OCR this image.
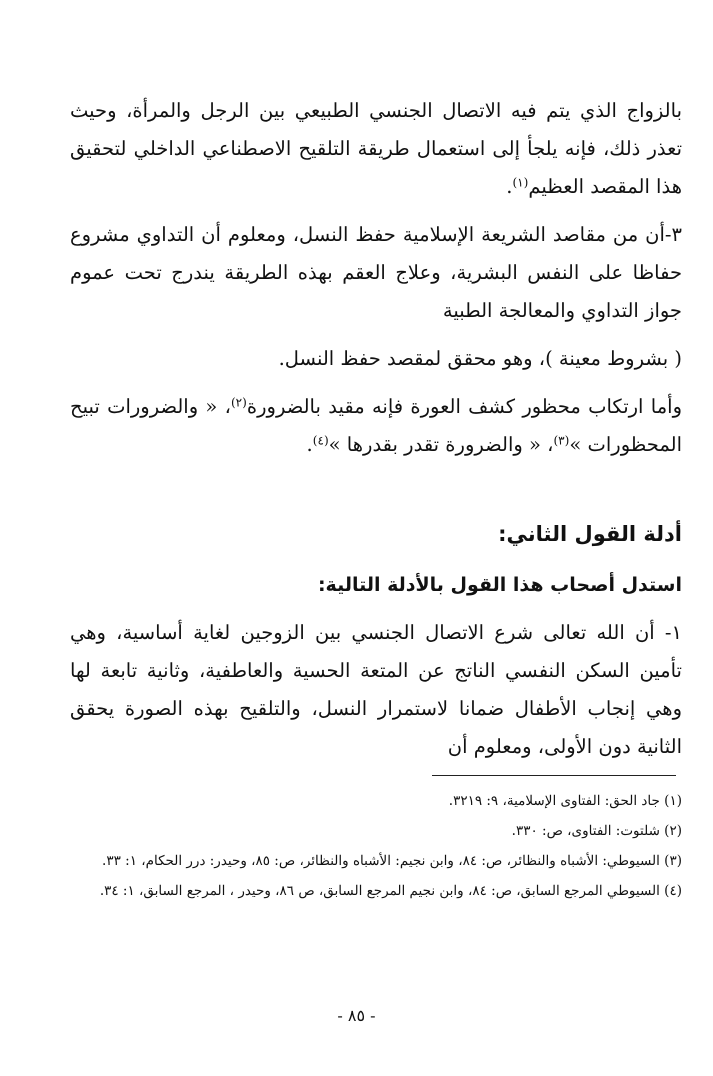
بالزواج الذي يتم فيه الاتصال الجنسي الطبيعي بين الرجل والمرأة، وحيث تعذر ذلك، فإنه يلجأ إلى استعمال طريقة التلقيح الاصطناعي الداخلي لتحقيق هذا المقصد العظيم$^{(١)}$.

٣-أن من مقاصد الشريعة الإسلامية حفظ النسل، ومعلوم أن التداوي مشروع حفاظا على النفس البشرية، وعلاج العقم بهذه الطريقة يندرج تحت عموم جواز التداوي والمعالجة الطبية

( بشروط معينة )، وهو محقق لمقصد حفظ النسل.

وأما ارتكاب محظور كشف العورة فإنه مقيد بالضرورة$^{(٢)}$، « والضرورات تبيح المحظورات »$^{(٣)}$، « والضرورة تقدر بقدرها »$^{(٤)}$.

أدلة القول الثاني:
استدل أصحاب هذا القول بالأدلة التالية:

١- أن الله تعالى شرع الاتصال الجنسي بين الزوجين لغاية أساسية، وهي تأمين السكن النفسي الناتج عن المتعة الحسية والعاطفية، وثانية تابعة لها وهي إنجاب الأطفال ضمانا لاستمرار النسل، والتلقيح بهذه الصورة يحقق الثانية دون الأولى، ومعلوم أن

(١) جاد الحق: الفتاوى الإسلامية، ٩: ٣٢١٩.

(٢) شلتوت: الفتاوى، ص: ٣٣٠.

(٣) السيوطي: الأشباه والنظائر، ص: ٨٤، وابن نجيم: الأشباه والنظائر، ص: ٨٥، وحيدر: درر الحكام، ١: ٣٣.

(٤) السيوطي المرجع السابق، ص: ٨٤، وابن نجيم المرجع السابق، ص ٨٦، وحيدر ، المرجع السابق، ١: ٣٤.

- ٨٥ -
